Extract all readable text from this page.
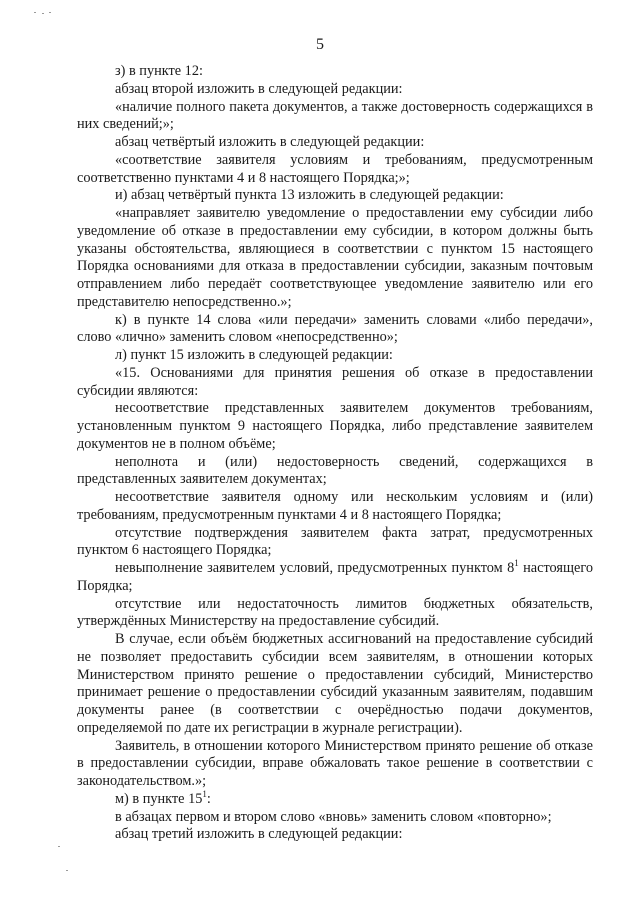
5

з) в пункте 12:

абзац второй изложить в следующей редакции:

«наличие полного пакета документов, а также достоверность содержащихся в них сведений;»;

абзац четвёртый изложить в следующей редакции:

«соответствие заявителя условиям и требованиям, предусмотренным соответственно пунктами 4 и 8 настоящего Порядка;»;

и) абзац четвёртый пункта 13 изложить в следующей редакции:

«направляет заявителю уведомление о предоставлении ему субсидии либо уведомление об отказе в предоставлении ему субсидии, в котором должны быть указаны обстоятельства, являющиеся в соответствии с пунктом 15 настоящего Порядка основаниями для отказа в предоставлении субсидии, заказным почтовым отправлением либо передаёт соответствующее уведомление заявителю или его представителю непосредственно.»;

к) в пункте 14 слова «или передачи» заменить словами «либо передачи», слово «лично» заменить словом «непосредственно»;

л) пункт 15 изложить в следующей редакции:

«15. Основаниями для принятия решения об отказе в предоставлении субсидии являются:

несоответствие представленных заявителем документов требованиям, установленным пунктом 9 настоящего Порядка, либо представление заявителем документов не в полном объёме;

неполнота и (или) недостоверность сведений, содержащихся в представленных заявителем документах;

несоответствие заявителя одному или нескольким условиям и (или) требованиям, предусмотренным пунктами 4 и 8 настоящего Порядка;

отсутствие подтверждения заявителем факта затрат, предусмотренных пунктом 6 настоящего Порядка;

невыполнение заявителем условий, предусмотренных пунктом $8^1$ настоящего Порядка;

отсутствие или недостаточность лимитов бюджетных обязательств, утверждённых Министерству на предоставление субсидий.

В случае, если объём бюджетных ассигнований на предоставление субсидий не позволяет предоставить субсидии всем заявителям, в отношении которых Министерством принято решение о предоставлении субсидий, Министерство принимает решение о предоставлении субсидий указанным заявителям, подавшим документы ранее (в соответствии с очерёдностью подачи документов, определяемой по дате их регистрации в журнале регистрации).

Заявитель, в отношении которого Министерством принято решение об отказе в предоставлении субсидии, вправе обжаловать такое решение в соответствии с законодательством.»;

м) в пункте $15^1$:

в абзацах первом и втором слово «вновь» заменить словом «повторно»;

абзац третий изложить в следующей редакции:
